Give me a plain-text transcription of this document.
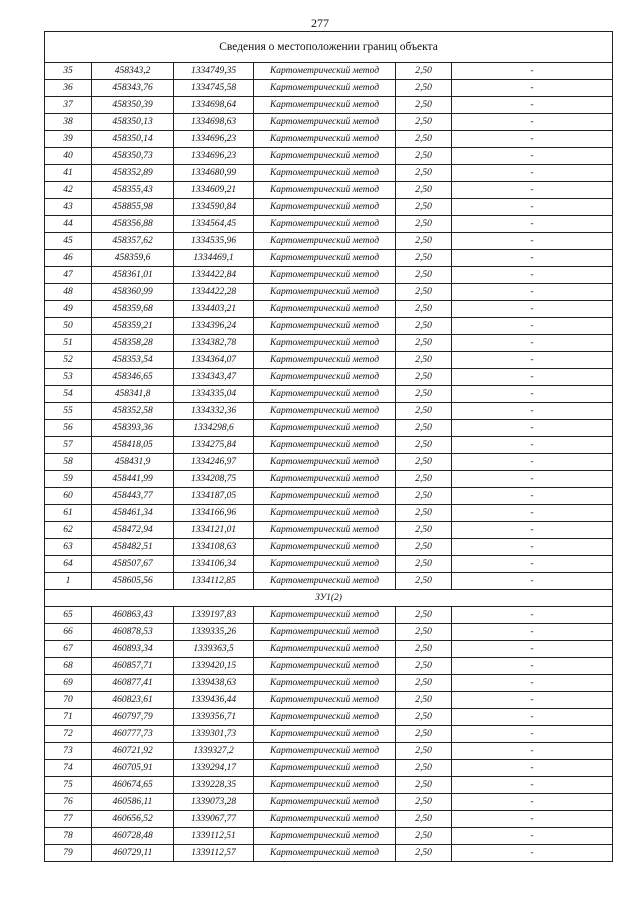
277
Сведения о местоположении границ объекта					
35	458343,2	1334749,35	Картометрический метод	2,50	-
36	458343,76	1334745,58	Картометрический метод	2,50	-
37	458350,39	1334698,64	Картометрический метод	2,50	-
38	458350,13	1334698,63	Картометрический метод	2,50	-
39	458350,14	1334696,23	Картометрический метод	2,50	-
40	458350,73	1334696,23	Картометрический метод	2,50	-
41	458352,89	1334680,99	Картометрический метод	2,50	-
42	458355,43	1334609,21	Картометрический метод	2,50	-
43	458855,98	1334590,84	Картометрический метод	2,50	-
44	458356,88	1334564,45	Картометрический метод	2,50	-
45	458357,62	1334535,96	Картометрический метод	2,50	-
46	458359,6	1334469,1	Картометрический метод	2,50	-
47	458361,01	1334422,84	Картометрический метод	2,50	-
48	458360,99	1334422,28	Картометрический метод	2,50	-
49	458359,68	1334403,21	Картометрический метод	2,50	-
50	458359,21	1334396,24	Картометрический метод	2,50	-
51	458358,28	1334382,78	Картометрический метод	2,50	-
52	458353,54	1334364,07	Картометрический метод	2,50	-
53	458346,65	1334343,47	Картометрический метод	2,50	-
54	458341,8	1334335,04	Картометрический метод	2,50	-
55	458352,58	1334332,36	Картометрический метод	2,50	-
56	458393,36	1334298,6	Картометрический метод	2,50	-
57	458418,05	1334275,84	Картометрический метод	2,50	-
58	458431,9	1334246,97	Картометрический метод	2,50	-
59	458441,99	1334208,75	Картометрический метод	2,50	-
60	458443,77	1334187,05	Картометрический метод	2,50	-
61	458461,34	1334166,96	Картометрический метод	2,50	-
62	458472,94	1334121,01	Картометрический метод	2,50	-
63	458482,51	1334108,63	Картометрический метод	2,50	-
64	458507,67	1334106,34	Картометрический метод	2,50	-
1	458605,56	1334112,85	Картометрический метод	2,50	-
ЗУ1(2)					
65	460863,43	1339197,83	Картометрический метод	2,50	-
66	460878,53	1339335,26	Картометрический метод	2,50	-
67	460893,34	1339363,5	Картометрический метод	2,50	-
68	460857,71	1339420,15	Картометрический метод	2,50	-
69	460877,41	1339438,63	Картометрический метод	2,50	-
70	460823,61	1339436,44	Картометрический метод	2,50	-
71	460797,79	1339356,71	Картометрический метод	2,50	-
72	460777,73	1339301,73	Картометрический метод	2,50	-
73	460721,92	1339327,2	Картометрический метод	2,50	-
74	460705,91	1339294,17	Картометрический метод	2,50	-
75	460674,65	1339228,35	Картометрический метод	2,50	-
76	460586,11	1339073,28	Картометрический метод	2,50	-
77	460656,52	1339067,77	Картометрический метод	2,50	-
78	460728,48	1339112,51	Картометрический метод	2,50	-
79	460729,11	1339112,57	Картометрический метод	2,50	-
